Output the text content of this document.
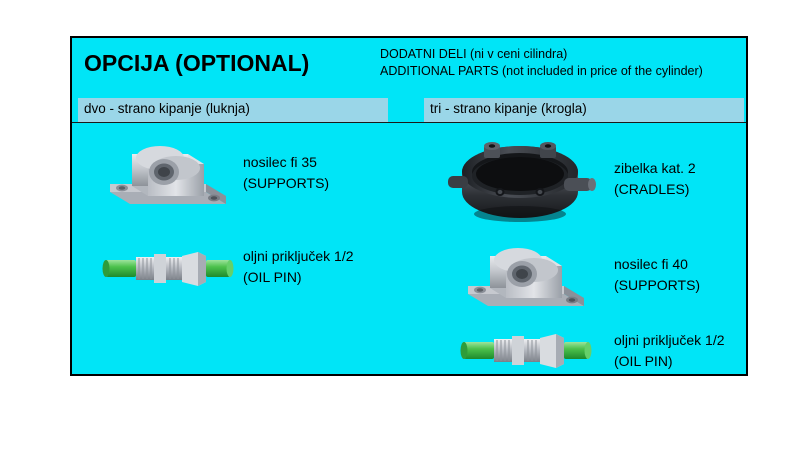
OPCIJA (OPTIONAL)	DODATNI DELI (ni v ceni cilindra)
ADDITIONAL PARTS (not included in price of the cylinder)
dvo - strano kipanje (luknja)	tri - strano kipanje (krogla)
nosilec fi 35
(SUPPORTS)
oljni priključek 1/2
(OIL PIN)
zibelka kat. 2
(CRADLES)
nosilec fi 40
(SUPPORTS)
oljni priključek 1/2
(OIL PIN)
